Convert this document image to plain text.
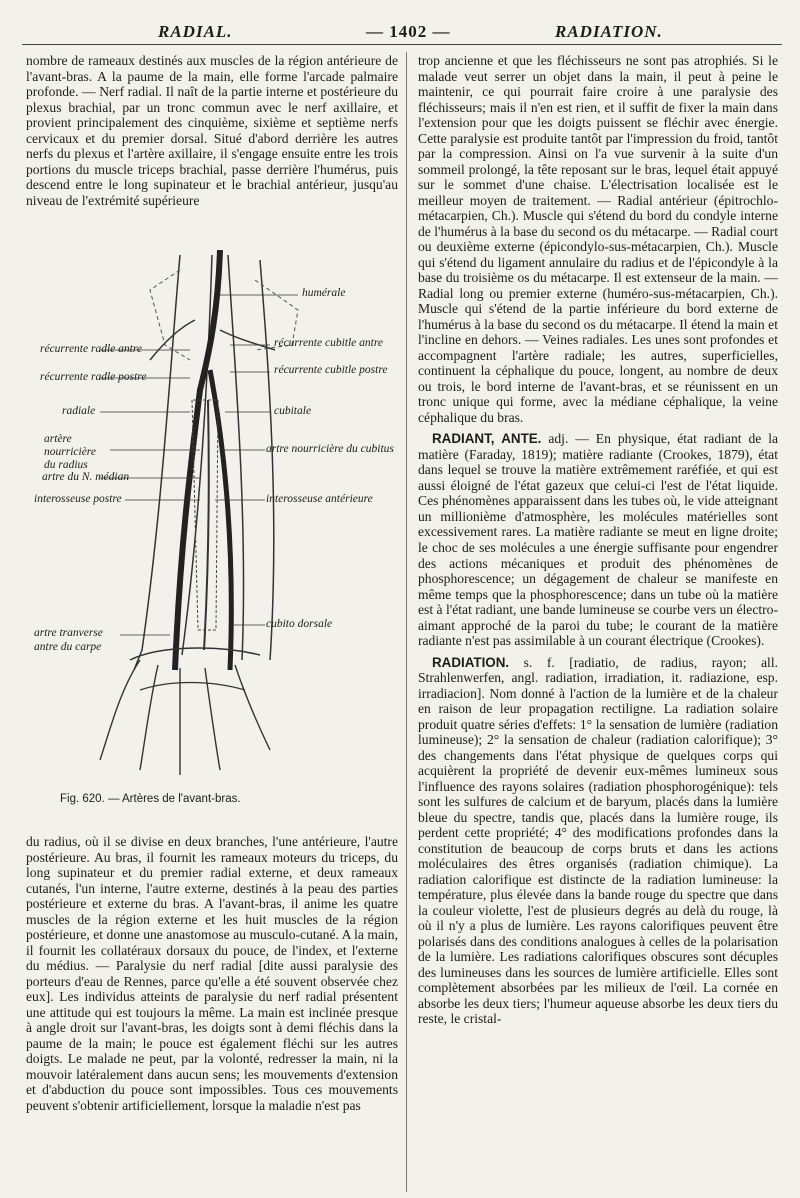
RADIAL.	— 1402 —	RADIATION.

nombre de rameaux destinés aux muscles de la région antérieure de l'avant-bras. A la paume de la main, elle forme l'arcade palmaire profonde. — Nerf radial. Il naît de la partie interne et postérieure du plexus brachial, par un tronc commun avec le nerf axillaire, et provient principalement des cinquième, sixième et septième nerfs cervicaux et du premier dorsal. Situé d'abord derrière les autres nerfs du plexus et l'artère axillaire, il s'engage ensuite entre les trois portions du muscle triceps brachial, passe derrière l'humérus, puis descend entre le long supinateur et le brachial antérieur, jusqu'au niveau de l'extrémité supérieure

humérale
récurrente radle antre	récurrente cubitle antre
récurrente radle postre
récurrente cubitle postre
radiale	cubitale
artère nourricière du radius
artre nourricière du cubitus
artre du N. médian
interosseuse postre	interosseuse antérieure
cubito dorsale
artre tranverse antre du carpe
Fig. 620. — Artères de l'avant-bras.

du radius, où il se divise en deux branches, l'une antérieure, l'autre postérieure. Au bras, il fournit les rameaux moteurs du triceps, du long supinateur et du premier radial externe, et deux rameaux cutanés, l'un interne, l'autre externe, destinés à la peau des parties postérieure et externe du bras. A l'avant-bras, il anime les quatre muscles de la région externe et les huit muscles de la région postérieure, et donne une anastomose au musculo-cutané. A la main, il fournit les collatéraux dorsaux du pouce, de l'index, et l'externe du médius. — Paralysie du nerf radial [dite aussi paralysie des porteurs d'eau de Rennes, parce qu'elle a été souvent observée chez eux]. Les individus atteints de paralysie du nerf radial présentent une attitude qui est toujours la même. La main est inclinée presque à angle droit sur l'avant-bras, les doigts sont à demi fléchis dans la paume de la main; le pouce est également fléchi sur les autres doigts. Le malade ne peut, par la volonté, redresser la main, ni la mouvoir latéralement dans aucun sens; les mouvements d'extension et d'abduction du pouce sont impossibles. Tous ces mouvements peuvent s'obtenir artificiellement, lorsque la maladie n'est pas

trop ancienne et que les fléchisseurs ne sont pas atrophiés. Si le malade veut serrer un objet dans la main, il peut à peine le maintenir, ce qui pourrait faire croire à une paralysie des fléchisseurs; mais il n'en est rien, et il suffit de fixer la main dans l'extension pour que les doigts puissent se fléchir avec énergie. Cette paralysie est produite tantôt par l'impression du froid, tantôt par la compression. Ainsi on l'a vue survenir à la suite d'un sommeil prolongé, la tête reposant sur le bras, lequel était appuyé sur le sommet d'une chaise. L'électrisation localisée est le meilleur moyen de traitement. — Radial antérieur (épitrochlo-métacarpien, Ch.). Muscle qui s'étend du bord du condyle interne de l'humérus à la base du second os du métacarpe. — Radial court ou deuxième externe (épicondylo-sus-métacarpien, Ch.). Muscle qui s'étend du ligament annulaire du radius et de l'épicondyle à la base du troisième os du métacarpe. Il est extenseur de la main. — Radial long ou premier externe (huméro-sus-métacarpien, Ch.). Muscle qui s'étend de la partie inférieure du bord externe de l'humérus à la base du second os du métacarpe. Il étend la main et l'incline en dehors. — Veines radiales. Les unes sont profondes et accompagnent l'artère radiale; les autres, superficielles, continuent la céphalique du pouce, longent, au nombre de deux ou trois, le bord interne de l'avant-bras, et se réunissent en un tronc unique qui forme, avec la médiane céphalique, la veine céphalique du bras.

RADIANT, ANTE. adj. — En physique, état radiant de la matière (Faraday, 1819); matière radiante (Crookes, 1879), état dans lequel se trouve la matière extrêmement raréfiée, et qui est aussi éloigné de l'état gazeux que celui-ci l'est de l'état liquide. Ces phénomènes apparaissent dans les tubes où, le vide atteignant un millionième d'atmosphère, les molécules matérielles sont excessivement rares. La matière radiante se meut en ligne droite; le choc de ses molécules a une énergie suffisante pour engendrer des actions mécaniques et produit des phénomènes de phosphorescence; un dégagement de chaleur se manifeste en même temps que la phosphorescence; dans un tube où la matière est à l'état radiant, une bande lumineuse se courbe vers un électro-aimant approché de la paroi du tube; le courant de la matière radiante n'est pas assimilable à un courant électrique (Crookes).

RADIATION. s. f. [radiatio, de radius, rayon; all. Strahlenwerfen, angl. radiation, irradiation, it. radiazione, esp. irradiacion]. Nom donné à l'action de la lumière et de la chaleur en raison de leur propagation rectiligne. La radiation solaire produit quatre séries d'effets: 1° la sensation de lumière (radiation lumineuse); 2° la sensation de chaleur (radiation calorifique); 3° des changements dans l'état physique de quelques corps qui acquièrent la propriété de devenir eux-mêmes lumineux sous l'influence des rayons solaires (radiation phosphorogénique): tels sont les sulfures de calcium et de baryum, placés dans la lumière bleue du spectre, tandis que, placés dans la lumière rouge, ils perdent cette propriété; 4° des modifications profondes dans la constitution de beaucoup de corps bruts et dans les actions moléculaires des êtres organisés (radiation chimique). La radiation calorifique est distincte de la radiation lumineuse: la température, plus élevée dans la bande rouge du spectre que dans la couleur violette, l'est de plusieurs degrés au delà du rouge, là où il n'y a plus de lumière. Les rayons calorifiques peuvent être polarisés dans des conditions analogues à celles de la polarisation de la lumière. Les radiations calorifiques obscures sont décuples des lumineuses dans les sources de lumière artificielle. Elles sont complètement absorbées par les milieux de l'œil. La cornée en absorbe les deux tiers; l'humeur aqueuse absorbe les deux tiers du reste, le cristal-
